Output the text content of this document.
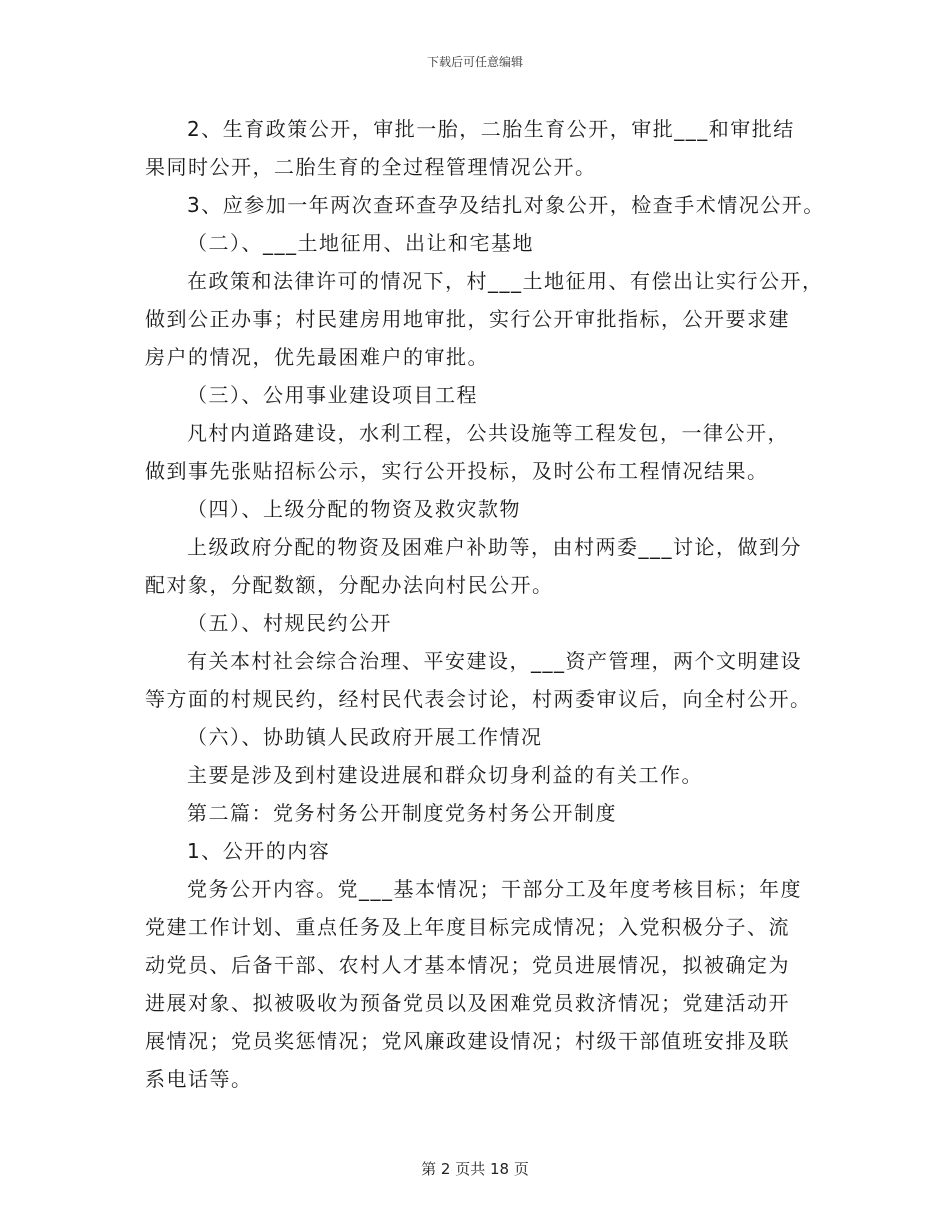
下载后可任意编辑
2、生育政策公开，审批一胎，二胎生育公开，审批___和审批结
果同时公开，二胎生育的全过程管理情况公开。
3、应参加一年两次查环查孕及结扎对象公开，检查手术情况公开。
（二）、___土地征用、出让和宅基地
在政策和法律许可的情况下，村___土地征用、有偿出让实行公开，
做到公正办事；村民建房用地审批，实行公开审批指标，公开要求建
房户的情况，优先最困难户的审批。
（三）、公用事业建设项目工程
凡村内道路建设，水利工程，公共设施等工程发包，一律公开，
做到事先张贴招标公示，实行公开投标，及时公布工程情况结果。
（四）、上级分配的物资及救灾款物
上级政府分配的物资及困难户补助等，由村两委___讨论，做到分
配对象，分配数额，分配办法向村民公开。
（五）、村规民约公开
有关本村社会综合治理、平安建设，___资产管理，两个文明建设
等方面的村规民约，经村民代表会讨论，村两委审议后，向全村公开。
（六）、协助镇人民政府开展工作情况
主要是涉及到村建设进展和群众切身利益的有关工作。
第二篇：党务村务公开制度党务村务公开制度
1、公开的内容
党务公开内容。党___基本情况；干部分工及年度考核目标；年度
党建工作计划、重点任务及上年度目标完成情况；入党积极分子、流
动党员、后备干部、农村人才基本情况；党员进展情况，拟被确定为
进展对象、拟被吸收为预备党员以及困难党员救济情况；党建活动开
展情况；党员奖惩情况；党风廉政建设情况；村级干部值班安排及联
系电话等。
第 2 页共 18 页
